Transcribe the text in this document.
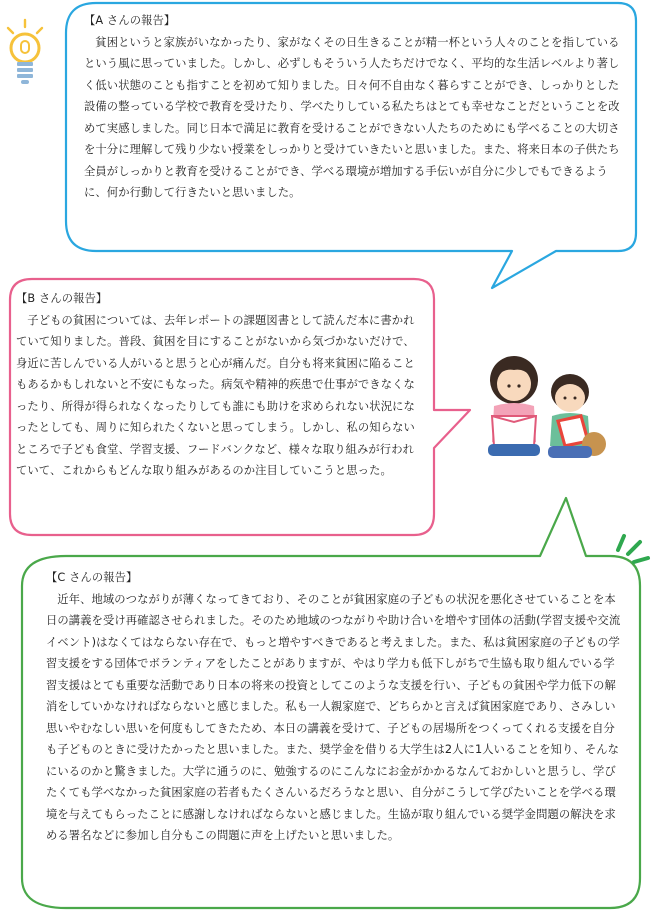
【A さんの報告】
貧困というと家族がいなかったり、家がなくその日生きることが精一杯という人々のことを指しているという風に思っていました。しかし、必ずしもそういう人たちだけでなく、平均的な生活レベルより著しく低い状態のことも指すことを初めて知りました。日々何不自由なく暮らすことができ、しっかりとした設備の整っている学校で教育を受けたり、学べたりしている私たちはとても幸せなことだということを改めて実感しました。同じ日本で満足に教育を受けることができない人たちのためにも学べることの大切さを十分に理解して残り少ない授業をしっかりと受けていきたいと思いました。また、将来日本の子供たち全員がしっかりと教育を受けることができ、学べる環境が増加する手伝いが自分に少しでもできるように、何か行動して行きたいと思いました。
【B さんの報告】
子どもの貧困については、去年レポートの課題図書として読んだ本に書かれていて知りました。普段、貧困を目にすることがないから気づかないだけで、身近に苦しんでいる人がいると思うと心が痛んだ。自分も将来貧困に陥ることもあるかもしれないと不安にもなった。病気や精神的疾患で仕事ができなくなったり、所得が得られなくなったりしても誰にも助けを求められない状況になったとしても、周りに知られたくないと思ってしまう。しかし、私の知らないところで子ども食堂、学習支援、フードバンクなど、様々な取り組みが行われていて、これからもどんな取り組みがあるのか注目していこうと思った。
【C さんの報告】
近年、地域のつながりが薄くなってきており、そのことが貧困家庭の子どもの状況を悪化させていることを本日の講義を受け再確認させられました。そのため地域のつながりや助け合いを増やす団体の活動(学習支援や交流イベント)はなくてはならない存在で、もっと増やすべきであると考えました。また、私は貧困家庭の子どもの学習支援をする団体でボランティアをしたことがありますが、やはり学力も低下しがちで生協も取り組んでいる学習支援はとても重要な活動であり日本の将来の投資としてこのような支援を行い、子どもの貧困や学力低下の解消をしていかなければならないと感じました。私も一人親家庭で、どちらかと言えば貧困家庭であり、さみしい思いやむなしい思いを何度もしてきたため、本日の講義を受けて、子どもの居場所をつくってくれる支援を自分も子どものときに受けたかったと思いました。また、奨学金を借りる大学生は2人に1人いることを知り、そんなにいるのかと驚きました。大学に通うのに、勉強するのにこんなにお金がかかるなんておかしいと思うし、学びたくても学べなかった貧困家庭の若者もたくさんいるだろうなと思い、自分がこうして学びたいことを学べる環境を与えてもらったことに感謝しなければならないと感じました。生協が取り組んでいる奨学金問題の解決を求める署名などに参加し自分もこの問題に声を上げたいと思いました。
